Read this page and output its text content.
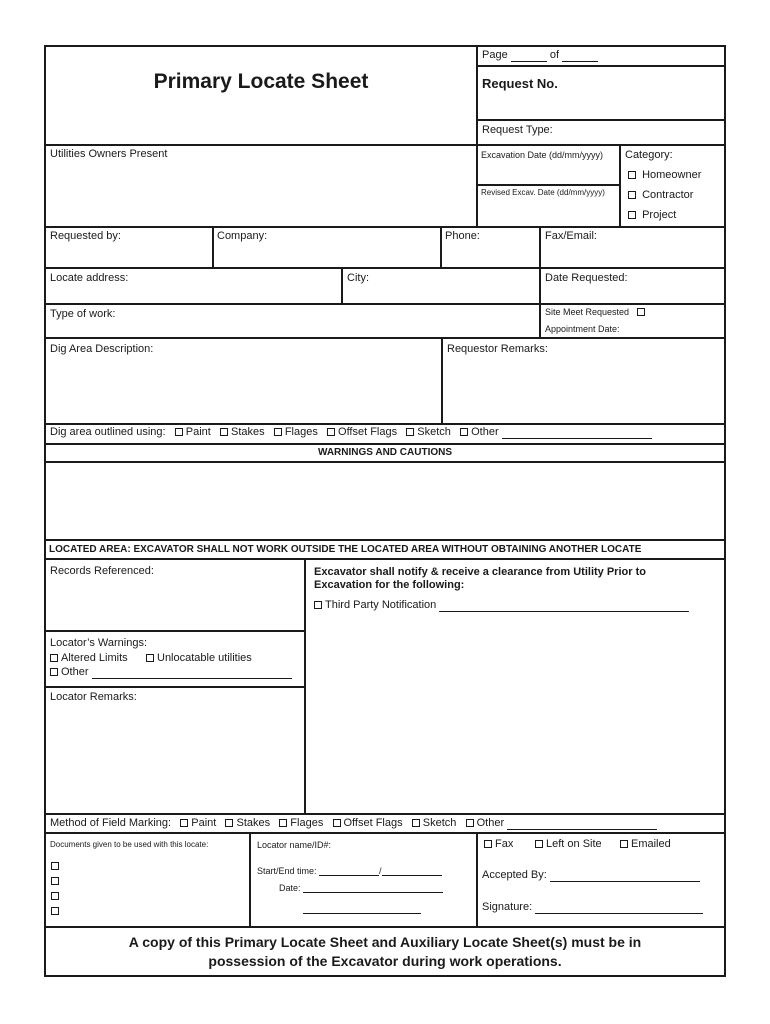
Primary Locate Sheet
Page	of
Request No.
Request Type:
Utilities Owners Present	Excavation Date (dd/mm/yyyy)
Revised Excav. Date (dd/mm/yyyy)
Category:
Homeowner
Contractor
Project
Requested by:	Company:	Phone:	Fax/Email:
Locate address:	City:	Date Requested:
Type of work:	Site Meet Requested
Appointment Date:
Dig Area Description:	Requestor Remarks:
Dig area outlined using: Paint Stakes Flages Offset Flags Sketch Other
WARNINGS AND CAUTIONS
LOCATED AREA: EXCAVATOR SHALL NOT WORK OUTSIDE THE LOCATED AREA WITHOUT OBTAINING ANOTHER LOCATE
Records Referenced:	Excavator shall notify & receive a clearance from Utility Prior to
Excavation for the following:
Third Party Notification
Locator’s Warnings:
Altered Limits	Unlocatable utilities
Other
Locator Remarks:
Method of Field Marking: Paint Stakes Flages Offset Flags Sketch Other
Documents given to be used with this locate:	Locator name/ID#:
Start/End time:	/
Date:
Fax	Left on Site	Emailed
Accepted By:
Signature:
A copy of this Primary Locate Sheet and Auxiliary Locate Sheet(s) must be in
possession of the Excavator during work operations.
